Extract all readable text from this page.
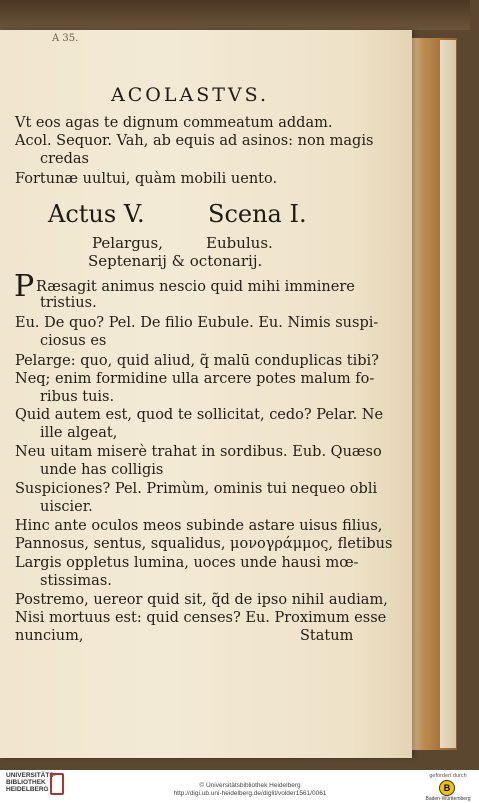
A 35.
ACOLASTVS.
Vt eos agas te dignum commeatum addam.
Acol. Sequor. Vah, ab equis ad asinos: non magis
credas
Fortunæ uultui, quàm mobili uento.
Actus V.	Scena I.
Pelargus,	Eubulus.
Septenarij & octonarij.
P Ræsagit animus nescio quid mihi imminere
tristius.
Eu. De quo? Pel. De filio Eubule. Eu. Nimis suspi-
ciosus es
Pelarge: quo, quid aliud, q̃ malū conduplicas tibi?
Neq; enim formidine ulla arcere potes malum fo-
ribus tuis.
Quid autem est, quod te sollicitat, cedo? Pelar. Ne
ille algeat,
Neu uitam miserè trahat in sordibus. Eub. Quæso
unde has colligis
Suspiciones? Pel. Primùm, ominis tui nequeo obli
uiscier.
Hinc ante oculos meos subinde astare uisus filius,
Pannosus, sentus, squalidus, μονογράμμος, fletibus
Largis oppletus lumina, uoces unde hausi mœ-
stissimas.
Postremo, uereor quid sit, q̃d de ipso nihil audiam,
Nisi mortuus est: quid censes? Eu. Proximum esse
nuncium,	Statum
UNIVERSITÄTS-
BIBLIOTHEK
HEIDELBERG
© Universitätsbibliothek Heidelberg
http://digi.ub.uni-heidelberg.de/diglit/volder1561/0061
gefördert durch
B
Baden-Württemberg
